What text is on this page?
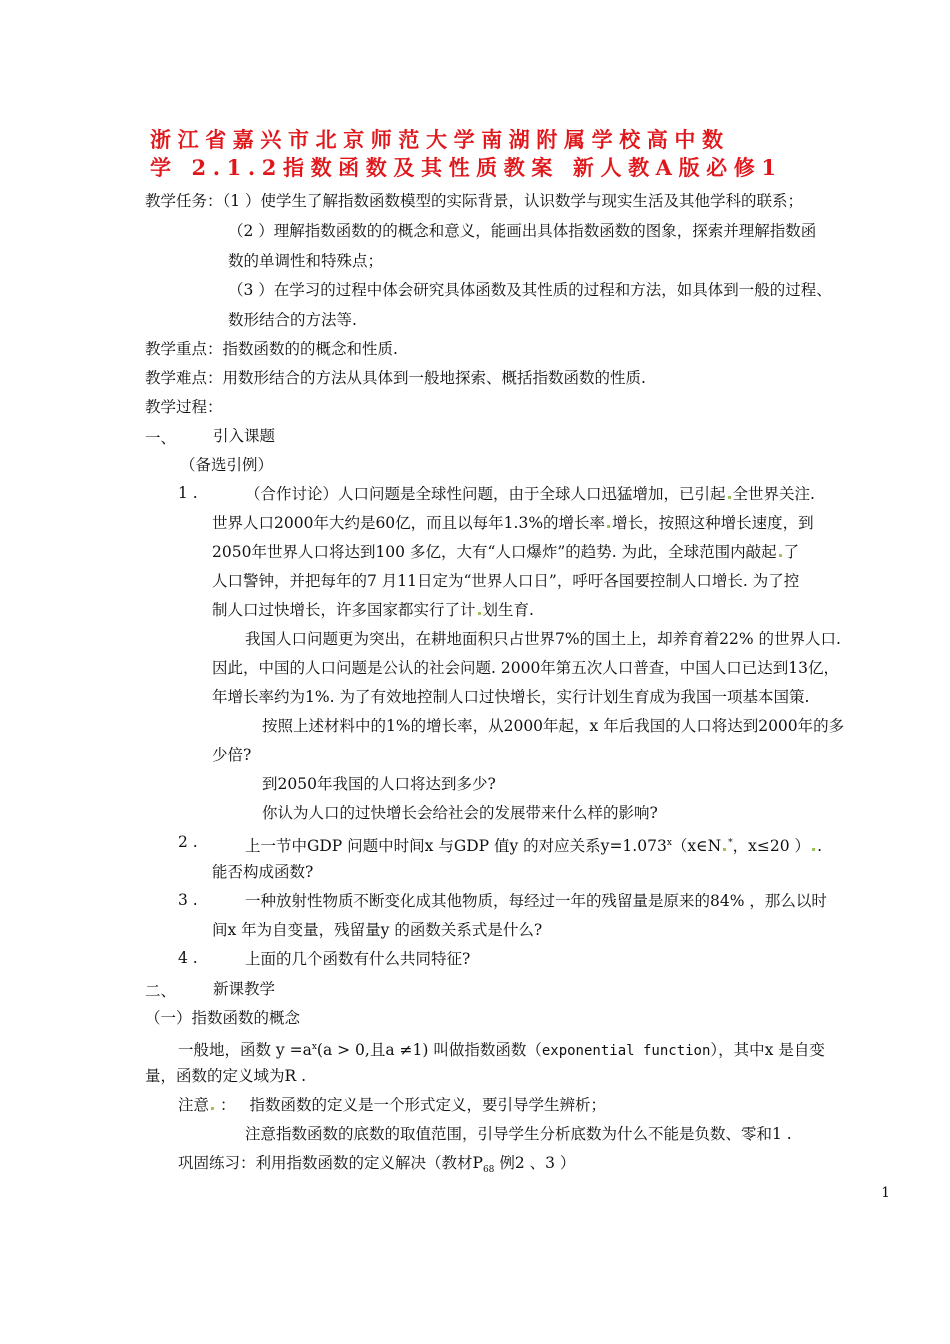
浙江省嘉兴市北京师范大学南湖附属学校高中数
学 2.1.2指数函数及其性质教案 新人教A版必修1
教学任务：（1 ）使学生了解指数函数模型的实际背景，认识数学与现实生活及其他学科的联系；
（2 ）理解指数函数的的概念和意义，能画出具体指数函数的图象，探索并理解指数函
数的单调性和特殊点；
（3 ）在学习的过程中体会研究具体函数及其性质的过程和方法，如具体到一般的过程、
数形结合的方法等.
教学重点：指数函数的的概念和性质.
教学难点：用数形结合的方法从具体到一般地探索、概括指数函数的性质.
教学过程：
一、 引入课题
（备选引例）
1 .	（合作讨论）人口问题是全球性问题，由于全球人口迅猛增加，已引起 全世界关注.
世界人口2000年大约是60亿，而且以每年1.3%的增长率 增长，按照这种增长速度，到
2050年世界人口将达到100 多亿，大有“人口爆炸”的趋势. 为此，全球范围内敲起 了
人口警钟，并把每年的7 月11日定为“世界人口日”，呼吁各国要控制人口增长. 为了控
制人口过快增长，许多国家都实行了计 划生育.
我国人口问题更为突出，在耕地面积只占世界7%的国土上，却养育着22% 的世界人口.
因此，中国的人口问题是公认的社会问题. 2000年第五次人口普查，中国人口已达到13亿，
年增长率约为1%. 为了有效地控制人口过快增长，实行计划生育成为我国一项基本国策.
按照上述材料中的1%的增长率，从2000年起，x 年后我国的人口将达到2000年的多
少倍?
到2050年我国的人口将达到多少?
你认为人口的过快增长会给社会的发展带来什么样的影响?
2 .	上一节中GDP 问题中时间x 与GDP 值y 的对应关系$y=1.073^x(x\in N$ *，x≤20 ） .
能否构成函数?
3 .	一种放射性物质不断变化成其他物质，每经过一年的残留量是原来的84% ，那么以时
间x 年为自变量，残留量y 的函数关系式是什么?
4 .	上面的几个函数有什么共同特征?
二、 新课教学
（一）指数函数的概念
一般地，函数 $y =a^x(a > 0$,且a ≠1) 叫做指数函数（exponential function），其中x 是自变
量，函数的定义域为R .
注意 ： 指数函数的定义是一个形式定义，要引导学生辨析；
注意指数函数的底数的取值范围，引导学生分析底数为什么不能是负数、零和1 .
巩固练习：利用指数函数的定义解决（教材$P_{68}$ 例2 、3 ）
1
